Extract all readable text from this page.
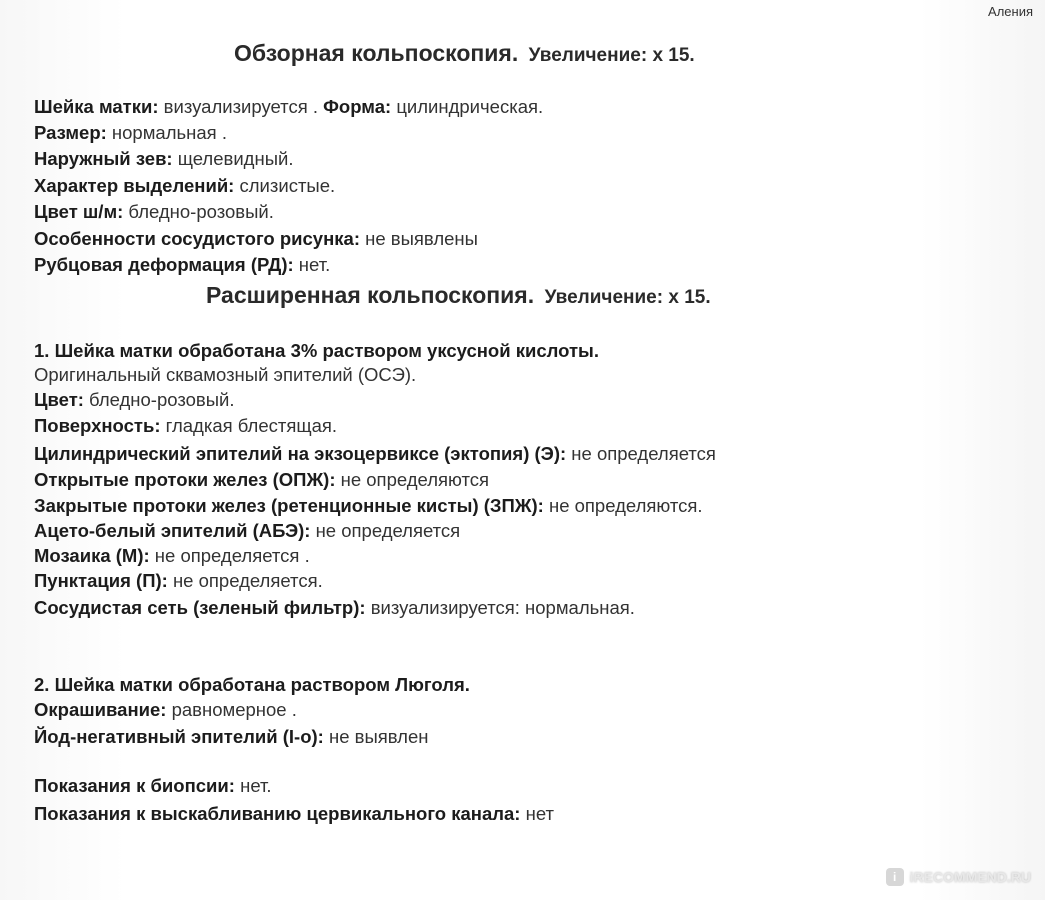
Аления
Обзорная кольпоскопия. Увеличение: х 15.
Шейка матки: визуализируется . Форма: цилиндрическая.
Размер: нормальная .
Наружный зев: щелевидный.
Характер выделений: слизистые.
Цвет ш/м: бледно-розовый.
Особенности сосудистого рисунка: не выявлены
Рубцовая деформация (РД): нет.
Расширенная кольпоскопия. Увеличение: х 15.
1. Шейка матки обработана 3% раствором уксусной кислоты.
Оригинальный сквамозный эпителий (ОСЭ).
Цвет: бледно-розовый.
Поверхность: гладкая блестящая.
Цилиндрический эпителий на экзоцервиксе (эктопия) (Э): не определяется
Открытые протоки желез (ОПЖ): не определяются
Закрытые протоки желез (ретенционные кисты) (ЗПЖ): не определяются.
Ацето-белый эпителий (АБЭ): не определяется
Мозаика (М): не определяется .
Пунктация (П): не определяется.
Сосудистая сеть (зеленый фильтр): визуализируется: нормальная.
2. Шейка матки обработана раствором Люголя.
Окрашивание: равномерное .
Йод-негативный эпителий (I-о): не выявлен
Показания к биопсии: нет.
Показания к выскабливанию цервикального канала: нет
i iRECOMMEND.RU
